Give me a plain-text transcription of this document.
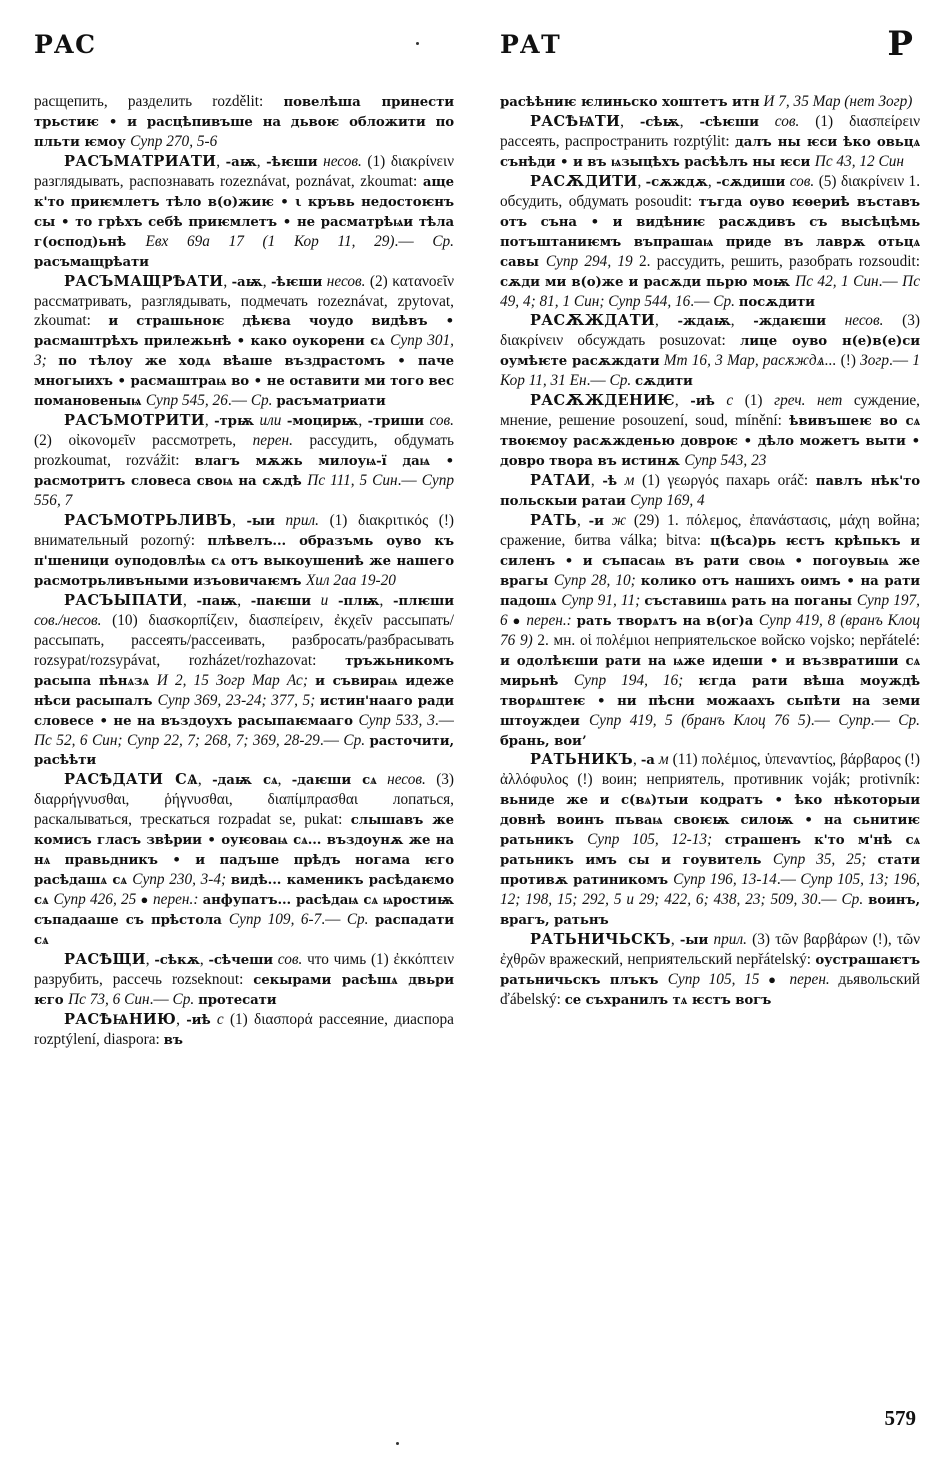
РАС	РАТ	Р

расщепить, разделить rozdělit: повелѣша принести трьстиѥ • и расцѣпивъше на дьвоѥ обложити по пльти ѥмоу Супр 270, 5-6

РАСЪМАТРИАТИ, -аѭ, -ѣѥши несов. (1) διακρίνειν разглядывать, распознавать rozeznávat, poznávat, zkoumat: аще к'то приѥмлетъ тѣло в(о)жиѥ • ι кръвь недостоѥнъ сы • то грѣхъ себѣ приѥмлетъ • не расматрѣѩи тѣла г(оспод)ьнѣ Евх 69а 17 (1 Кор 11, 29).— Ср. расъмащрѣати

РАСЪМАЩРѢАТИ, -аѭ, -ѣѥши несов. (2) κατανοεῖν рассматривать, разглядывать, подмечать rozeznávat, zpytovat, zkoumat: и страшьноѥ дѣѥва чоудо видѣвъ • расмаштрѣхъ прилежьнѣ • како оукорени сѧ Супр 301, 3; по тѣлоу же ходѧ вѣаше въздрастомъ • паче многыихъ • расмаштраѩ во • не оставити ми того вес помановеныѩ Супр 545, 26.— Ср. расъматриати

РАСЪМОТРИТИ, -трѭ или -моцирѭ, -триши сов. (2) οἰκονομεῖν рассмотреть, перен. рассудить, обдумать prozkoumat, rozvážit: влагъ мѫжь милоуѩ-ї даѩ • расмотритъ словеса своѩ на сѫдѣ Пс 111, 5 Син.— Супр 556, 7

РАСЪМОТРЬЛИВЪ, -ыи прил. (1) διακριτικός (!) внимательный pozorný: плѣвелъ... образъмь оуво къ п'шеници оуподовлѣѩ сѧ отъ выкоушениѣ же нашего расмотрьливъными изъовичаѥмъ Хил 2аа 19-20

РАСЪЫПАТИ, -паѭ, -паѥши и -плѭ, -плѥши сов./несов. (10) διασκορπίζειν, διασπείρειν, ἐκχεῖν рассыпать/рассыпать, рассеять/рассеивать, разбросать/разбрасывать rozsypat/rozsypávat, rozházet/rozhazovat: тръжьникомъ расыпа пѣнѧзѧ И 2, 15 Зогр Мар Ас; и съвираѩ идеже нѣси расыпалъ Супр 369, 23-24; 377, 5; истин'нааго ради словесе • не на въздоухъ расыпаѥмааго Супр 533, 3.— Пс 52, 6 Син; Супр 22, 7; 268, 7; 369, 28-29.— Ср. расточити, расѣѣти

РАСѢДАТИ СѦ, -даѭ сѧ, -даѥши сѧ несов. (3) διαρρήγνυσθαι, ῥήγνυσθαι, διαπίμπρασθαι лопаться, раскалываться, трескаться rozpadat se, pukat: слышавъ же комисъ гласъ звѣрии • оуѥоваѩ сѧ... въздоунѫ же на нѧ правьдникъ • и падъше прѣдъ ногама ѥго расѣдашѧ сѧ Супр 230, 3-4; видѣ... каменикъ расѣдаѥмо сѧ Супр 426, 25 ● перен.: анфупатъ... расѣдаѩ сѧ ѩростиѭ съпадааше съ прѣстола Супр 109, 6-7.— Ср. распадати сѧ

РАСѢЩИ, -сѣкѫ, -сѣчеши сов. что чимь (1) ἐκκόπτειν разрубить, рассечь rozseknout: секырами расѣшѧ двьри ѥго Пс 73, 6 Син.— Ср. протесати

РАСѢѨНИЮ, -иѣ с (1) διασπορά рассеяние, диаспора rozptýlení, diaspora: въ

расѣѣниѥ ѥлиньско хоштетъ итн И 7, 35 Мар (нет Зогр)

РАСѢѨТИ, -сѣѭ, -сѣѥши сов. (1) διασπείρειν рассеять, распространить rozptýlit: далъ ны ѥси ѣко овьцѧ сънѣди • и въ ѩзыцѣхъ расѣѣлъ ны ѥси Пс 43, 12 Син

РАСѪДИТИ, -сѫждѫ, -сѫдиши сов. (5) διακρίνειν 1. обсудить, обдумать posoudit: тъгда оуво ѥѳериѣ въставъ отъ съна • и видѣниѥ расѫдивъ съ высѣцѣмь потъштаниѥмъ въпрашаѩ приде въ лаврѫ отьцѧ савы Супр 294, 19 2. рассудить, решить, разобрать rozsoudit: сѫди ми в(о)же и расѫди пьрю моѭ Пс 42, 1 Син.— Пс 49, 4; 81, 1 Син; Супр 544, 16.— Ср. посѫдити

РАСѪЖДАТИ, -ждаѭ, -ждаѥши несов. (3) διακρίνειν обсуждать posuzovat: лице оуво н(е)в(е)си оумѣѥте расѫждати Мт 16, 3 Мар, расѫждѧ... (!) Зогр.— 1 Кор 11, 31 Ен.— Ср. сѫдити

РАСѪЖДЕНИѤ, -иѣ с (1) греч. нет суждение, мнение, решение posouzení, soud, mínění: ѣвивъшеѥ во сѧ твоѥмоу расѫжденью довроѥ • дѣло можетъ выти • довро твора въ истинѫ Супр 543, 23

РАТАИ, -ѣ м (1) γεωργός пахарь oráč: павлъ нѣк'то польскыи ратаи Супр 169, 4

РАТЬ, -и ж (29) 1. πόλεμος, ἐπανάστασις, μάχη война; сражение, битва válka; bitva: ц(ѣса)рь ѥстъ крѣпькъ и силенъ • и съпасаѩ въ рати своѩ • погоувыѩ же врагы Супр 28, 10; колико отъ нашихъ оимъ • на рати падошѧ Супр 91, 11; съставишѧ рать на поганы Супр 197, 6 ● перен.: рать творѧтъ на в(ог)а Супр 419, 8 (вранъ Клоц 76 9) 2. мн. οἱ πολέμιοι неприятельское войско vojsko; nepřátelé: и одолѣѥши рати на ѩже идеши • и възвратиши сѧ мирьнѣ Супр 194, 16; ѥгда рати вѣша моуждѣ творѧштеѥ • ни пѣсни можаахъ сьпѣти на земи штоуждеи Супр 419, 5 (бранъ Клоц 76 5).— Супр.— Ср. брань, воиʼ

РАТЬНИКЪ, -а м (11) πολέμιος, ὑπεναντίος, βάρβαρος (!) ἀλλόφυλος (!) воин; неприятель, противник voják; protivník: вьниде же и с(вѧ)тыи кодратъ • ѣко нѣкоторыи довнѣ воинъ пъваѩ своѥѭ силоѭ • на сьнитиѥ ратьникъ Супр 105, 12-13; страшенъ к'то м'нѣ сѧ ратьникъ имъ сы и гоувитель Супр 35, 25; стати противѫ ратиникомъ Супр 196, 13-14.— Супр 105, 13; 196, 12; 198, 15; 292, 5 и 29; 422, 6; 438, 23; 509, 30.— Ср. воинъ, врагъ, ратьнъ

РАТЬНИЧЬСКЪ, -ыи прил. (3) τῶν βαρβάρων (!), τῶν ἐχθρῶν вражеский, неприятельский nepřátelský: оустрашаѥтъ ратьничьскъ плъкъ Супр 105, 15 ● перен. дьявольский ďábelský: се съхранилъ тѧ ѥстъ вогъ

579
